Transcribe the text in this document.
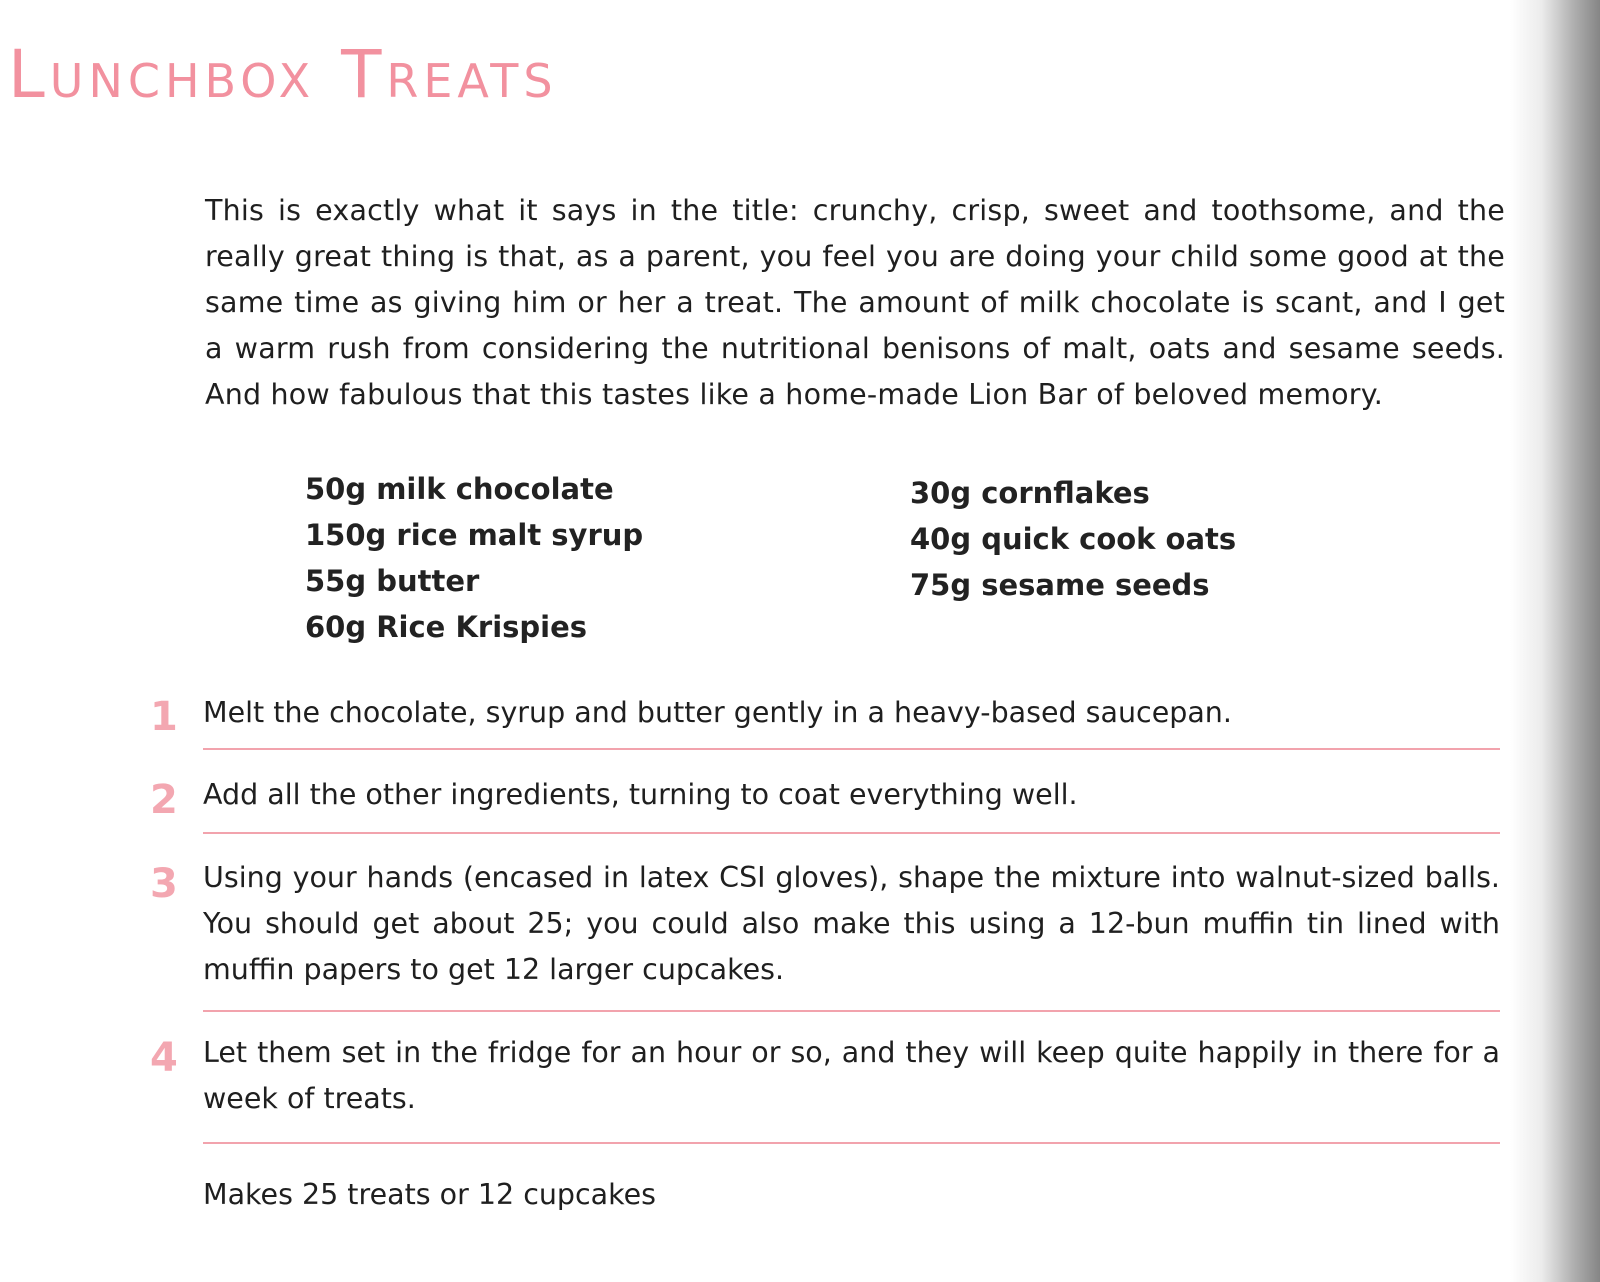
Lunchbox Treats

This is exactly what it says in the title: crunchy, crisp, sweet and toothsome, and the really great thing is that, as a parent, you feel you are doing your child some good at the same time as giving him or her a treat. The amount of milk chocolate is scant, and I get a warm rush from considering the nutritional benisons of malt, oats and sesame seeds. And how fabulous that this tastes like a home-made Lion Bar of beloved memory.

50g milk chocolate
150g rice malt syrup
55g butter
60g Rice Krispies
30g cornflakes
40g quick cook oats
75g sesame seeds
1 Melt the chocolate, syrup and butter gently in a heavy-based saucepan.

2 Add all the other ingredients, turning to coat everything well.

3 Using your hands (encased in latex CSI gloves), shape the mixture into walnut-sized balls. You should get about 25; you could also make this using a 12-bun muffin tin lined with muffin papers to get 12 larger cupcakes.

4 Let them set in the fridge for an hour or so, and they will keep quite happily in there for a week of treats.

Makes 25 treats or 12 cupcakes
